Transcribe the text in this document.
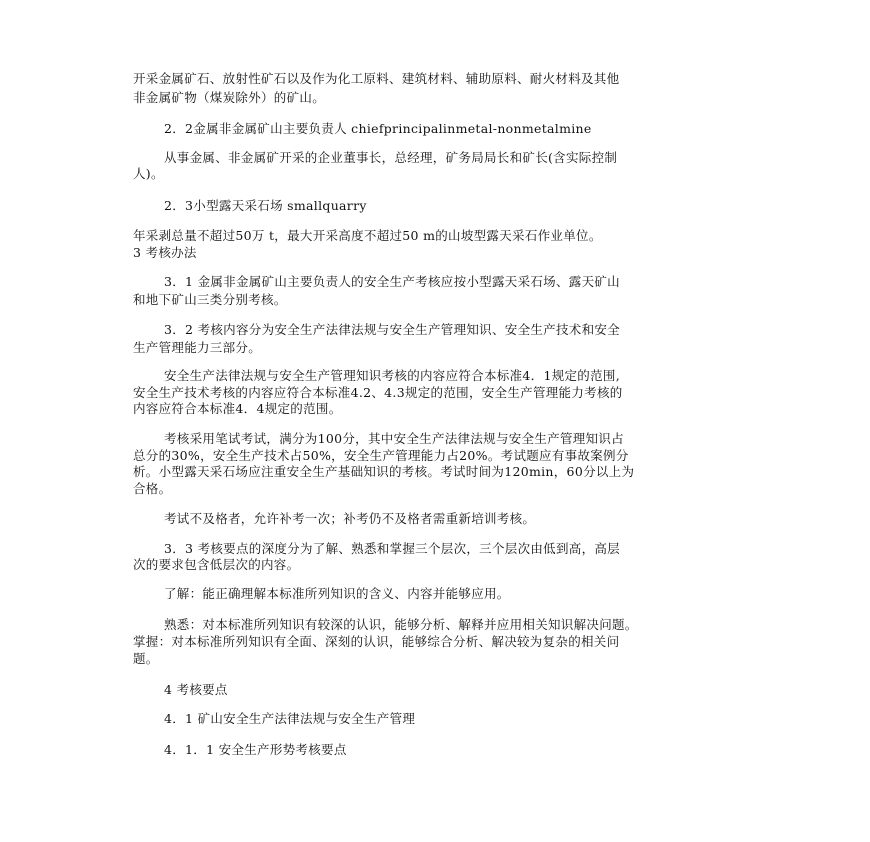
开采金属矿石、放射性矿石以及作为化工原料、建筑材料、辅助原料、耐火材料及其他
非金属矿物（煤炭除外）的矿山。
2．2金属非金属矿山主要负责人 chiefprincipalinmetal-nonmetalmine
从事金属、非金属矿开采的企业董事长，总经理，矿务局局长和矿长(含实际控制
人)。
2．3小型露天采石场 smallquarry
年采剥总量不超过50万 t，最大开采高度不超过50 m的山坡型露天采石作业单位。
3 考核办法
3．1 金属非金属矿山主要负责人的安全生产考核应按小型露天采石场、露天矿山
和地下矿山三类分别考核。
3．2 考核内容分为安全生产法律法规与安全生产管理知识、安全生产技术和安全
生产管理能力三部分。
安全生产法律法规与安全生产管理知识考核的内容应符合本标准4．1规定的范围,
安全生产技术考核的内容应符合本标准4.2、4.3规定的范围，安全生产管理能力考核的
内容应符合本标准4．4规定的范围。
考核采用笔试考试，满分为100分，其中安全生产法律法规与安全生产管理知识占
总分的30%，安全生产技术占50%，安全生产管理能力占20%。考试题应有事故案例分
析。小型露天采石场应注重安全生产基础知识的考核。考试时间为120min，60分以上为
合格。
考试不及格者，允许补考一次；补考仍不及格者需重新培训考核。
3．3 考核要点的深度分为了解、熟悉和掌握三个层次，三个层次由低到高，高层
次的要求包含低层次的内容。
了解：能正确理解本标准所列知识的含义、内容并能够应用。
熟悉：对本标准所列知识有较深的认识，能够分析、解释并应用相关知识解决问题。
掌握：对本标准所列知识有全面、深刻的认识，能够综合分析、解决较为复杂的相关问
题。
4 考核要点
4．1 矿山安全生产法律法规与安全生产管理
4．1．1 安全生产形势考核要点
